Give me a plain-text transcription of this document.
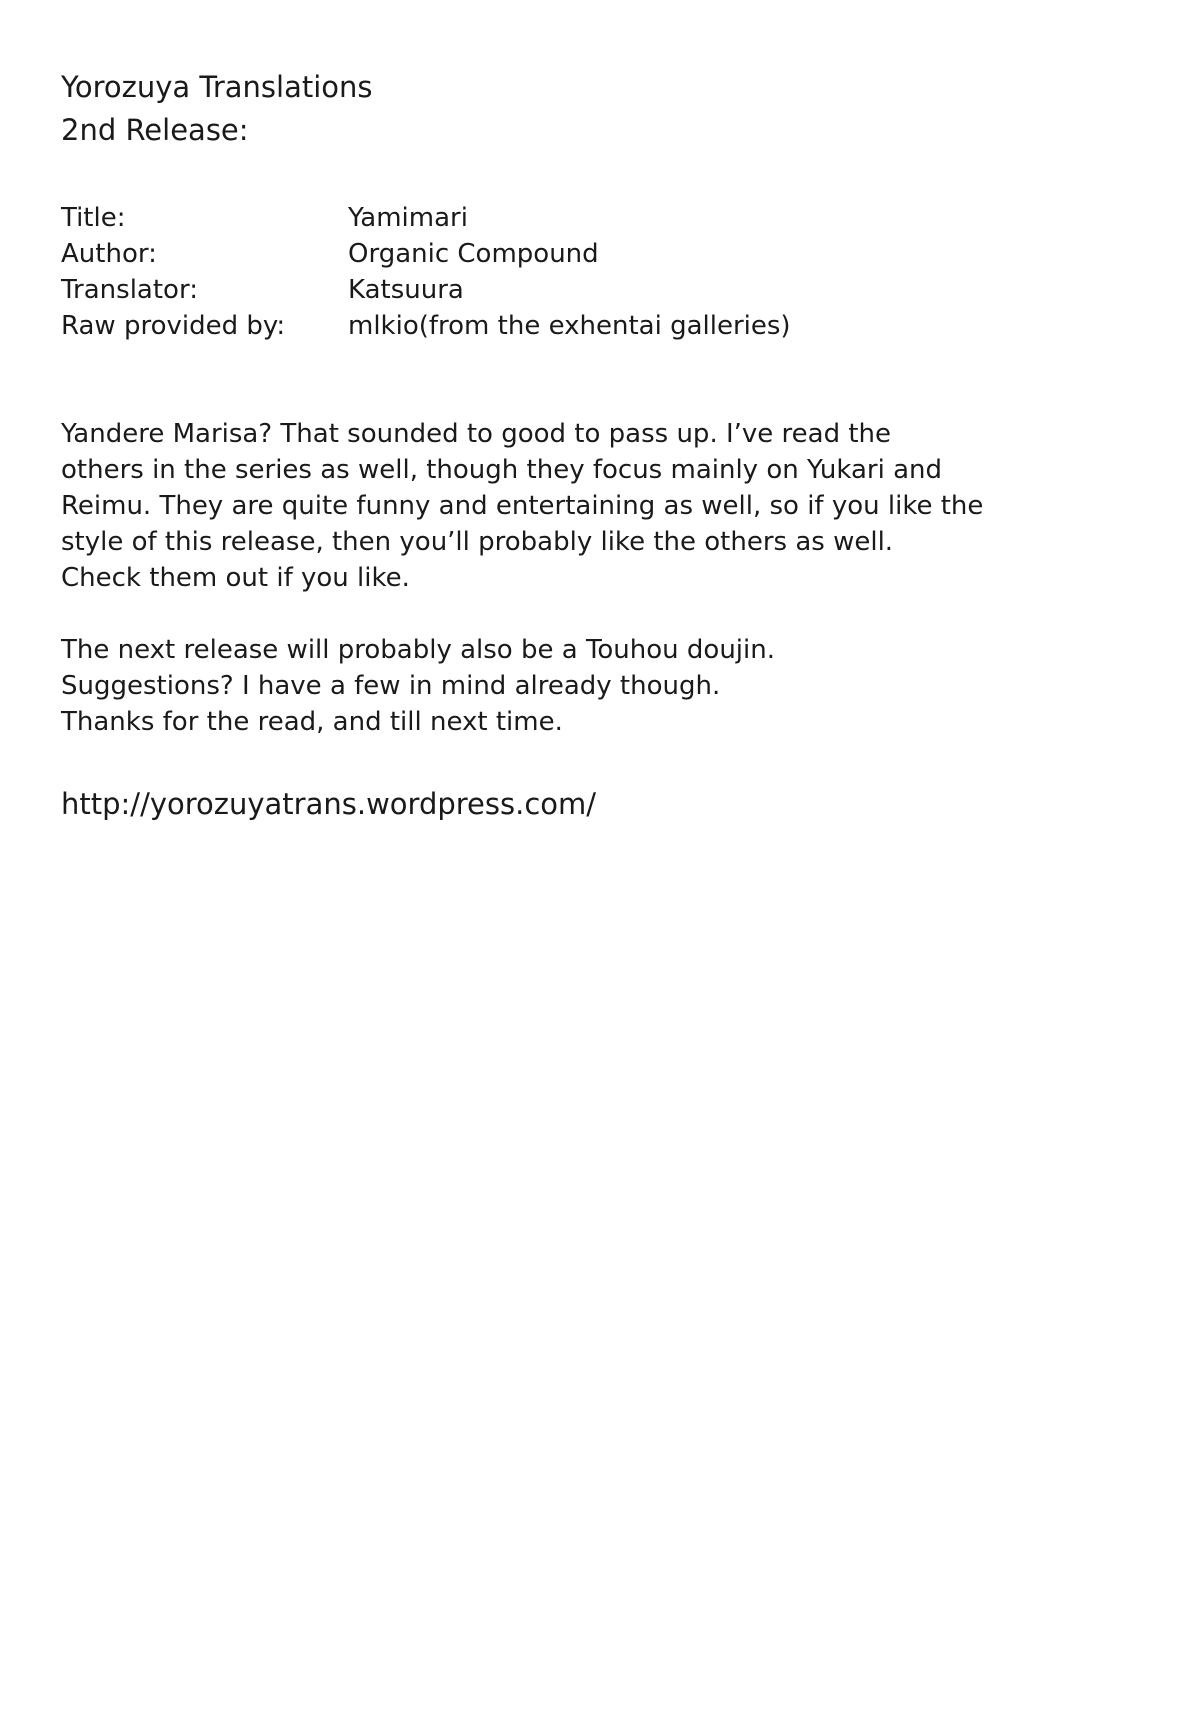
Yorozuya Translations
2nd Release:
Title:	Yamimari
Author:	Organic Compound
Translator:	Katsuura
Raw provided by:	mlkio(from the exhentai galleries)

Yandere Marisa? That sounded to good to pass up. I’ve read the
others in the series as well, though they focus mainly on Yukari and
Reimu. They are quite funny and entertaining as well, so if you like the
style of this release, then you’ll probably like the others as well.
Check them out if you like.

The next release will probably also be a Touhou doujin.
Suggestions? I have a few in mind already though.
Thanks for the read, and till next time.

http://yorozuyatrans.wordpress.com/
